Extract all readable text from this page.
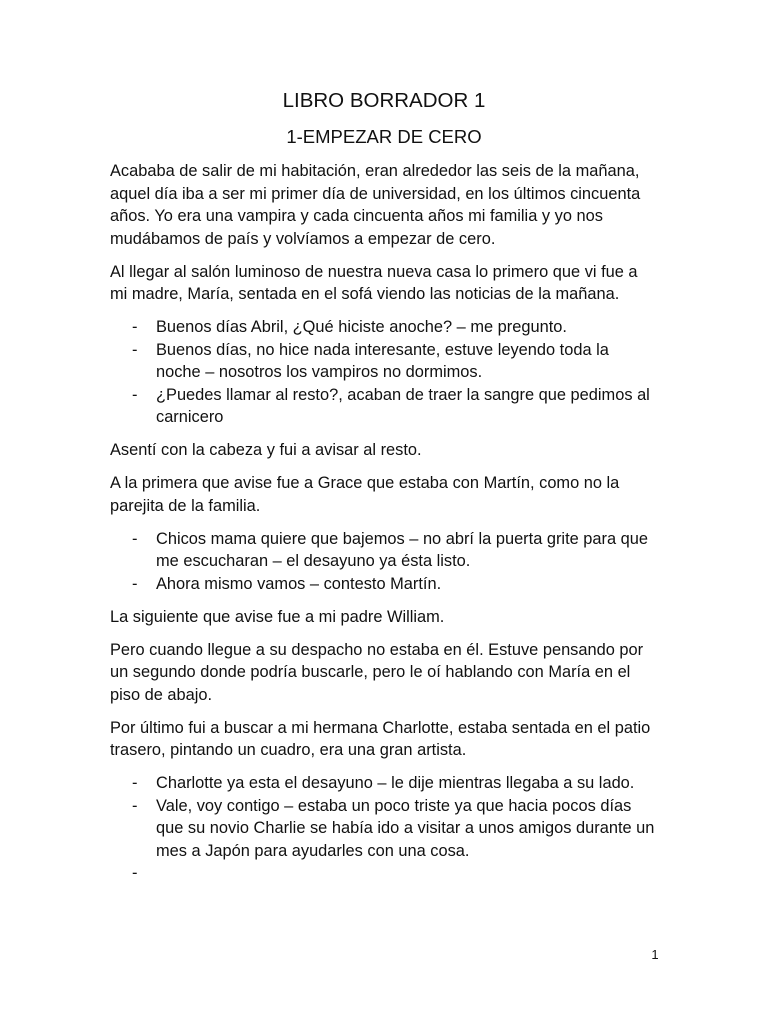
LIBRO BORRADOR 1
1-EMPEZAR DE CERO

Acababa de salir de mi habitación, eran alrededor las seis de la mañana, aquel día iba a ser mi primer día de universidad, en los últimos cincuenta años. Yo era una vampira y cada cincuenta años mi familia y yo nos mudábamos de país y volvíamos a empezar de cero.

Al llegar al salón luminoso de nuestra nueva casa lo primero que vi fue a mi madre, María, sentada en el sofá viendo las noticias de la mañana.

- Buenos días Abril, ¿Qué hiciste anoche? – me pregunto.
- Buenos días, no hice nada interesante, estuve leyendo toda la noche – nosotros los vampiros no dormimos.
- ¿Puedes llamar al resto?, acaban de traer la sangre que pedimos al carnicero

Asentí con la cabeza y fui a avisar al resto.

A la primera que avise fue a Grace que estaba con Martín, como no la parejita de la familia.

- Chicos mama quiere que bajemos – no abrí la puerta grite para que me escucharan – el desayuno ya ésta listo.
- Ahora mismo vamos – contesto Martín.

La siguiente que avise fue a mi padre William.

Pero cuando llegue a su despacho no estaba en él. Estuve pensando por un segundo donde podría buscarle, pero le oí hablando con María en el piso de abajo.

Por último fui a buscar a mi hermana Charlotte, estaba sentada en el patio trasero, pintando un cuadro, era una gran artista.

- Charlotte ya esta el desayuno – le dije mientras llegaba a su lado.
- Vale, voy contigo – estaba un poco triste ya que hacia pocos días que su novio Charlie se había ido a visitar a unos amigos durante un mes a Japón para ayudarles con una cosa.
-
1
